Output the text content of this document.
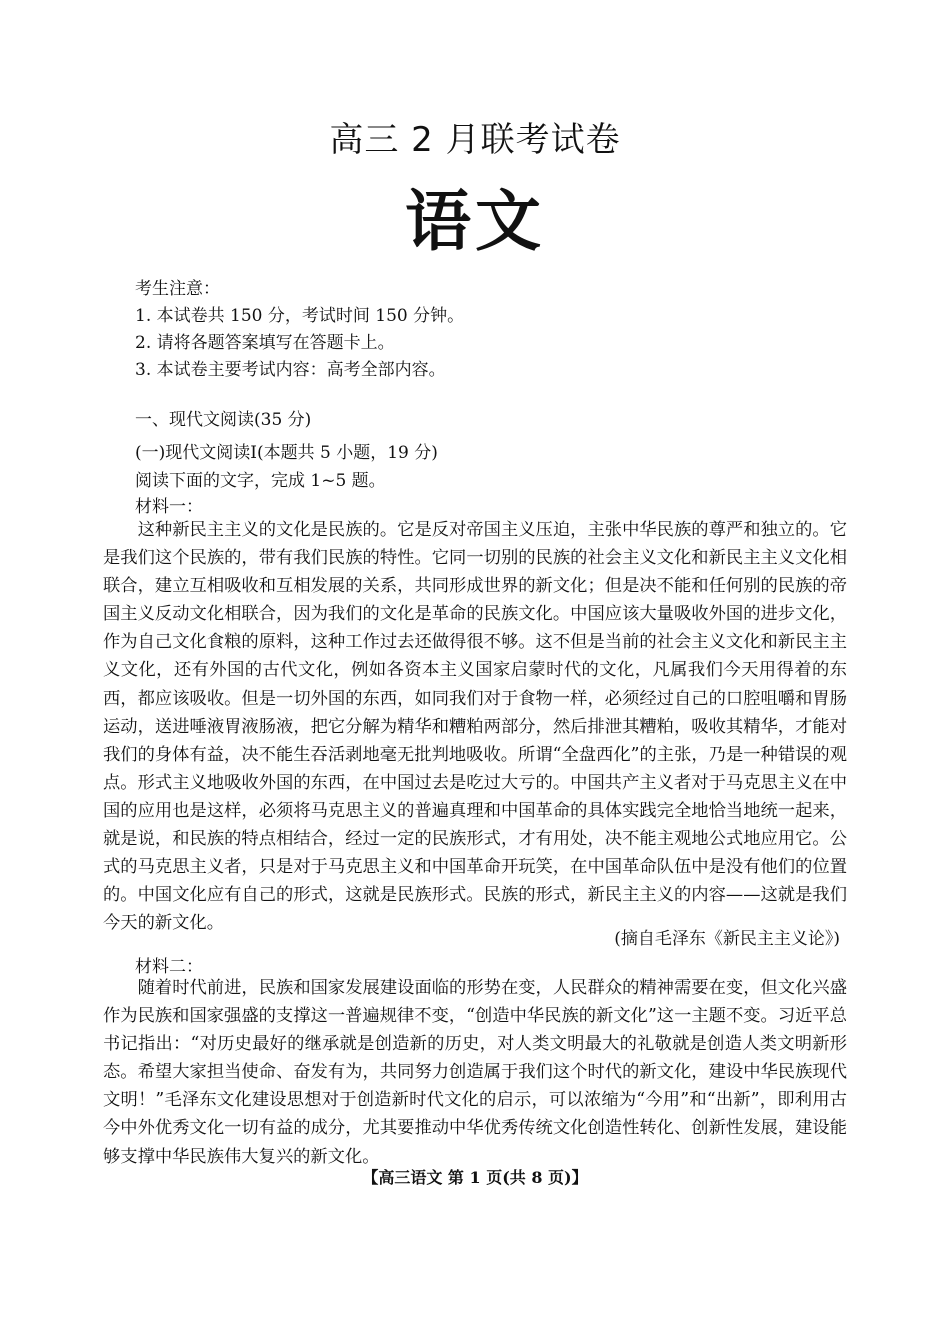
高三 2 月联考试卷
语文
考生注意：
1. 本试卷共 150 分，考试时间 150 分钟。
2. 请将各题答案填写在答题卡上。
3. 本试卷主要考试内容：高考全部内容。
一、现代文阅读(35 分)
(一)现代文阅读Ⅰ(本题共 5 小题，19 分)
阅读下面的文字，完成 1~5 题。
材料一：

这种新民主主义的文化是民族的。它是反对帝国主义压迫，主张中华民族的尊严和独立的。它是我们这个民族的，带有我们民族的特性。它同一切别的民族的社会主义文化和新民主主义文化相联合，建立互相吸收和互相发展的关系，共同形成世界的新文化；但是决不能和任何别的民族的帝国主义反动文化相联合，因为我们的文化是革命的民族文化。中国应该大量吸收外国的进步文化，作为自己文化食粮的原料，这种工作过去还做得很不够。这不但是当前的社会主义文化和新民主主义文化，还有外国的古代文化，例如各资本主义国家启蒙时代的文化，凡属我们今天用得着的东西，都应该吸收。但是一切外国的东西，如同我们对于食物一样，必须经过自己的口腔咀嚼和胃肠运动，送进唾液胃液肠液，把它分解为精华和糟粕两部分，然后排泄其糟粕，吸收其精华，才能对我们的身体有益，决不能生吞活剥地毫无批判地吸收。所谓“全盘西化”的主张，乃是一种错误的观点。形式主义地吸收外国的东西，在中国过去是吃过大亏的。中国共产主义者对于马克思主义在中国的应用也是这样，必须将马克思主义的普遍真理和中国革命的具体实践完全地恰当地统一起来，就是说，和民族的特点相结合，经过一定的民族形式，才有用处，决不能主观地公式地应用它。公式的马克思主义者，只是对于马克思主义和中国革命开玩笑，在中国革命队伍中是没有他们的位置的。中国文化应有自己的形式，这就是民族形式。民族的形式，新民主主义的内容——这就是我们今天的新文化。

(摘自毛泽东《新民主主义论》)
材料二：

随着时代前进，民族和国家发展建设面临的形势在变，人民群众的精神需要在变，但文化兴盛作为民族和国家强盛的支撑这一普遍规律不变，“创造中华民族的新文化”这一主题不变。习近平总书记指出：“对历史最好的继承就是创造新的历史，对人类文明最大的礼敬就是创造人类文明新形态。希望大家担当使命、奋发有为，共同努力创造属于我们这个时代的新文化，建设中华民族现代文明！”毛泽东文化建设思想对于创造新时代文化的启示，可以浓缩为“今用”和“出新”，即利用古今中外优秀文化一切有益的成分，尤其要推动中华优秀传统文化创造性转化、创新性发展，建设能够支撑中华民族伟大复兴的新文化。

【高三语文 第 1 页(共 8 页)】
